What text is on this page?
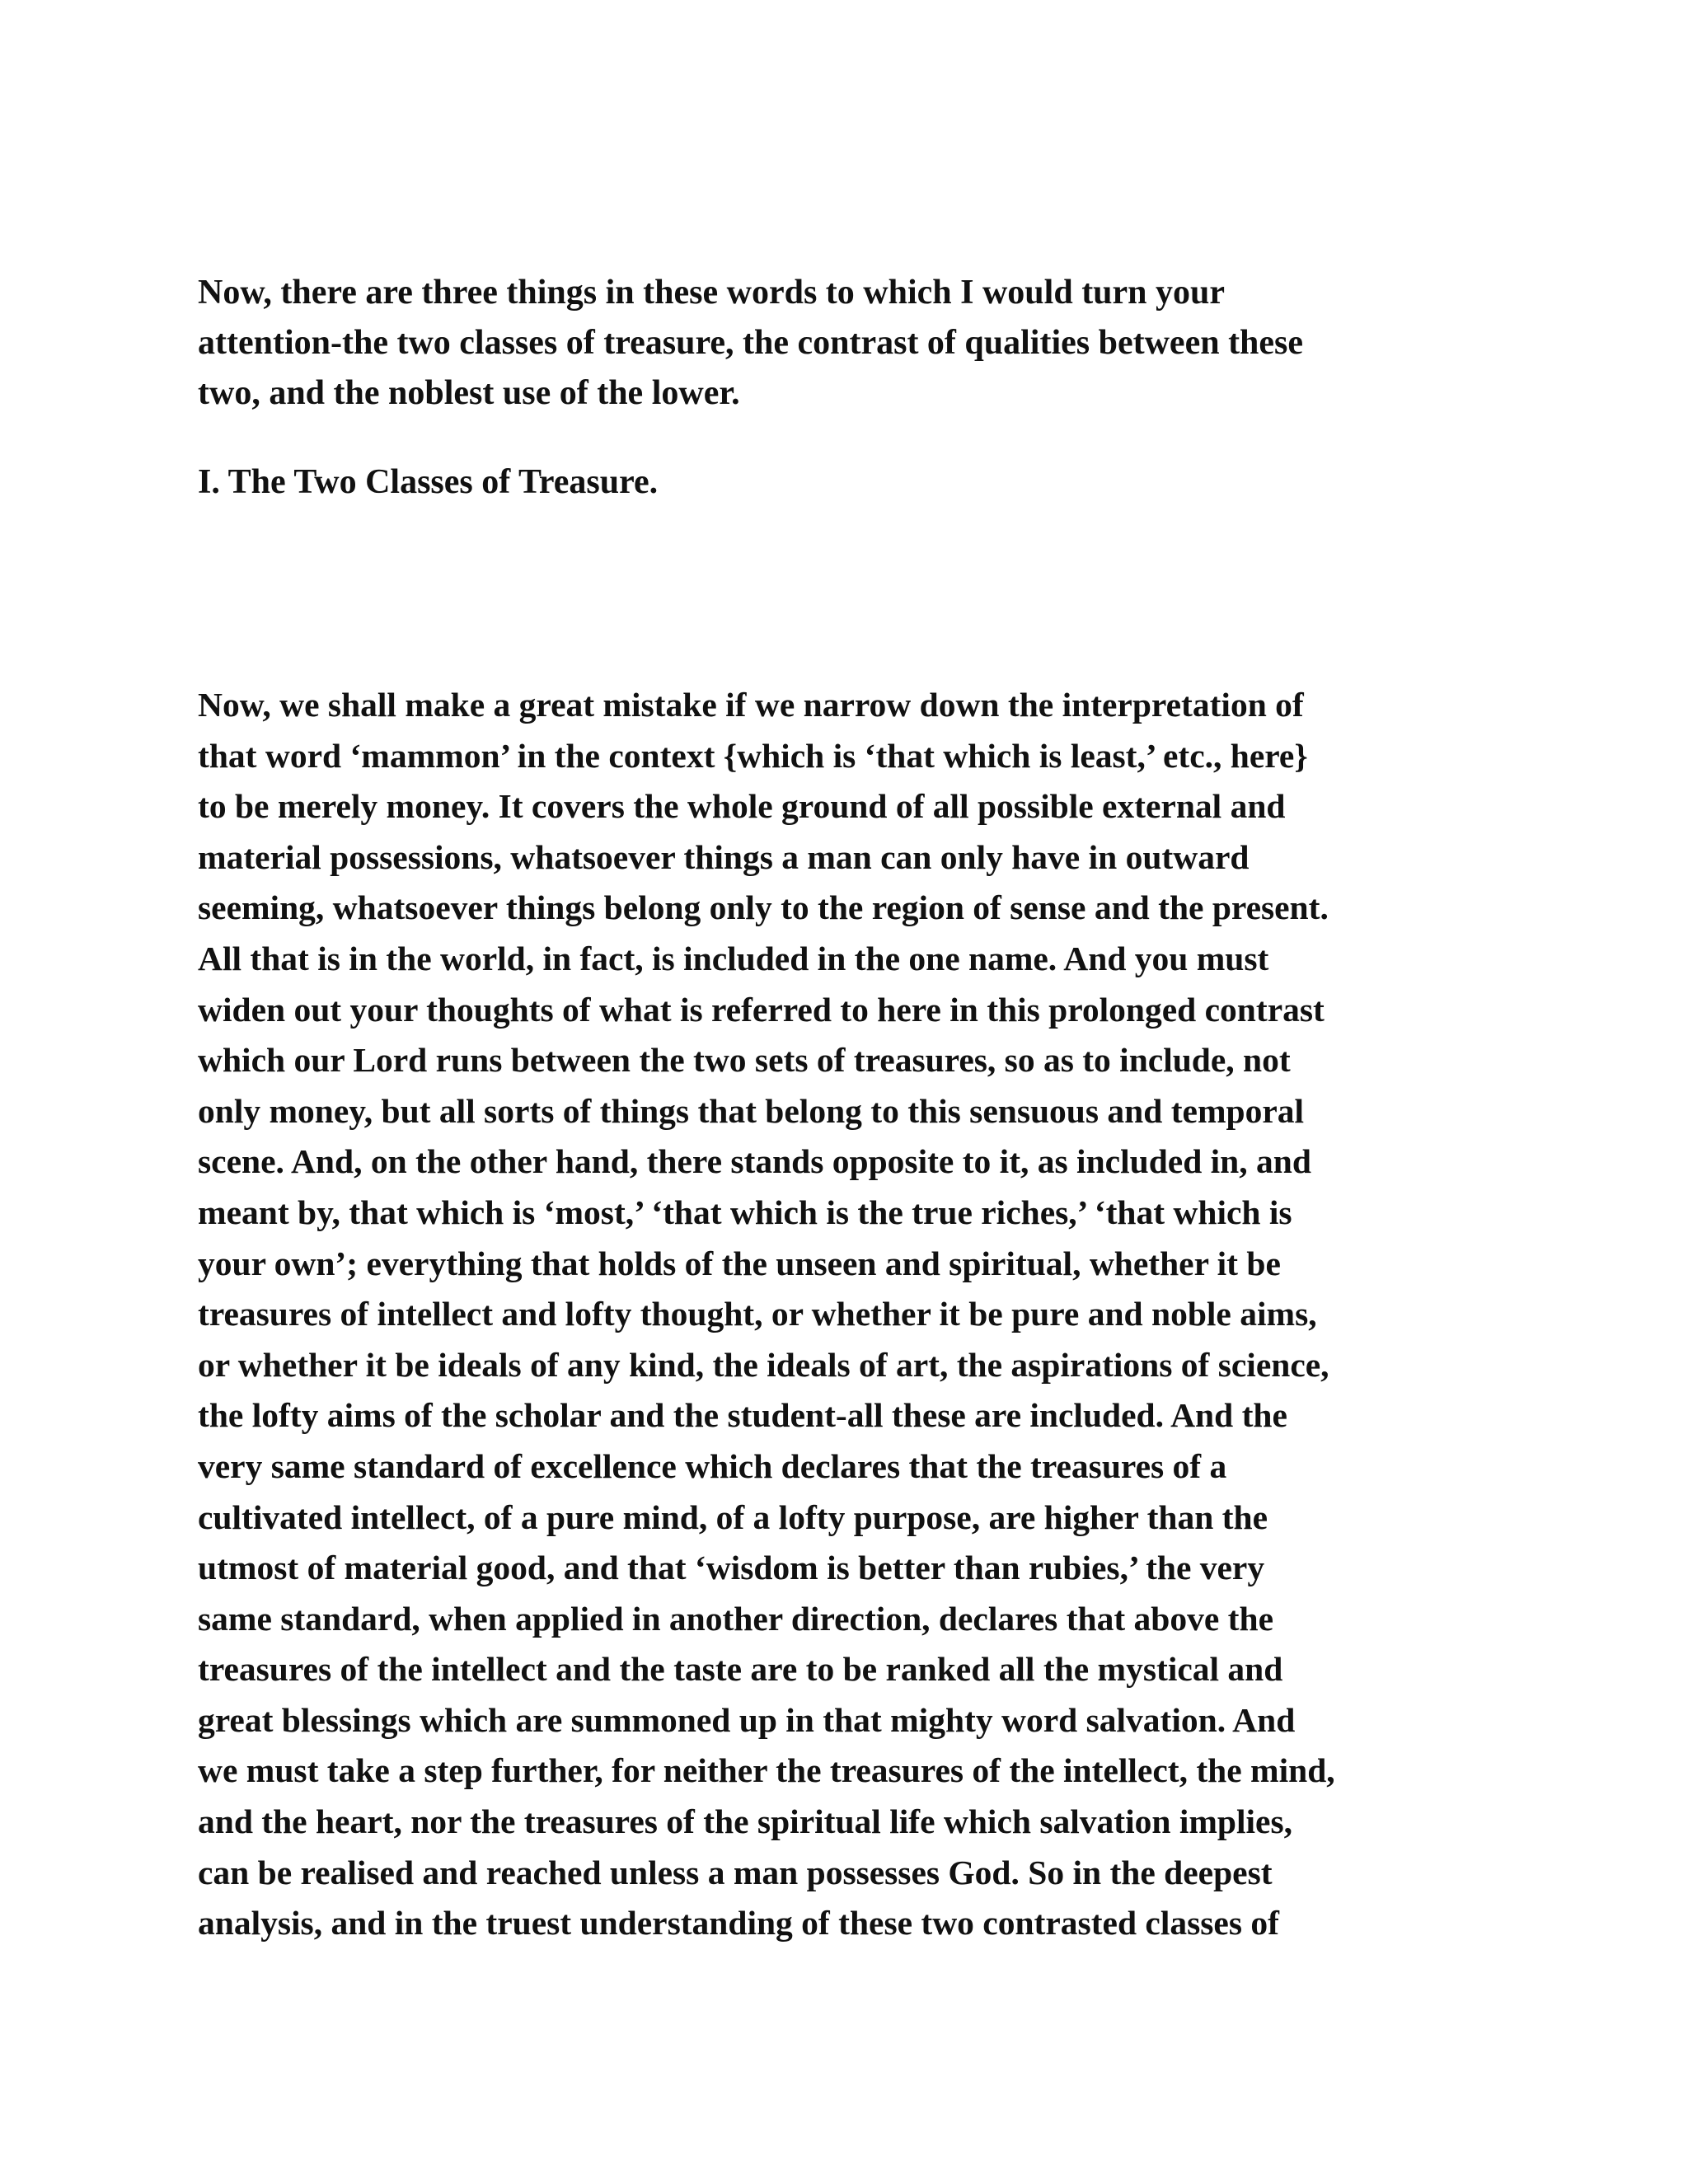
Now, there are three things in these words to which I would turn your
attention-the two classes of treasure, the contrast of qualities between these
two, and the noblest use of the lower.

I. The Two Classes of Treasure.

Now, we shall make a great mistake if we narrow down the interpretation of
that word ‘mammon’ in the context {which is ‘that which is least,’ etc., here}
to be merely money. It covers the whole ground of all possible external and
material possessions, whatsoever things a man can only have in outward
seeming, whatsoever things belong only to the region of sense and the present.
All that is in the world, in fact, is included in the one name. And you must
widen out your thoughts of what is referred to here in this prolonged contrast
which our Lord runs between the two sets of treasures, so as to include, not
only money, but all sorts of things that belong to this sensuous and temporal
scene. And, on the other hand, there stands opposite to it, as included in, and
meant by, that which is ‘most,’ ‘that which is the true riches,’ ‘that which is
your own’; everything that holds of the unseen and spiritual, whether it be
treasures of intellect and lofty thought, or whether it be pure and noble aims,
or whether it be ideals of any kind, the ideals of art, the aspirations of science,
the lofty aims of the scholar and the student-all these are included. And the
very same standard of excellence which declares that the treasures of a
cultivated intellect, of a pure mind, of a lofty purpose, are higher than the
utmost of material good, and that ‘wisdom is better than rubies,’ the very
same standard, when applied in another direction, declares that above the
treasures of the intellect and the taste are to be ranked all the mystical and
great blessings which are summoned up in that mighty word salvation. And
we must take a step further, for neither the treasures of the intellect, the mind,
and the heart, nor the treasures of the spiritual life which salvation implies,
can be realised and reached unless a man possesses God. So in the deepest
analysis, and in the truest understanding of these two contrasted classes of
